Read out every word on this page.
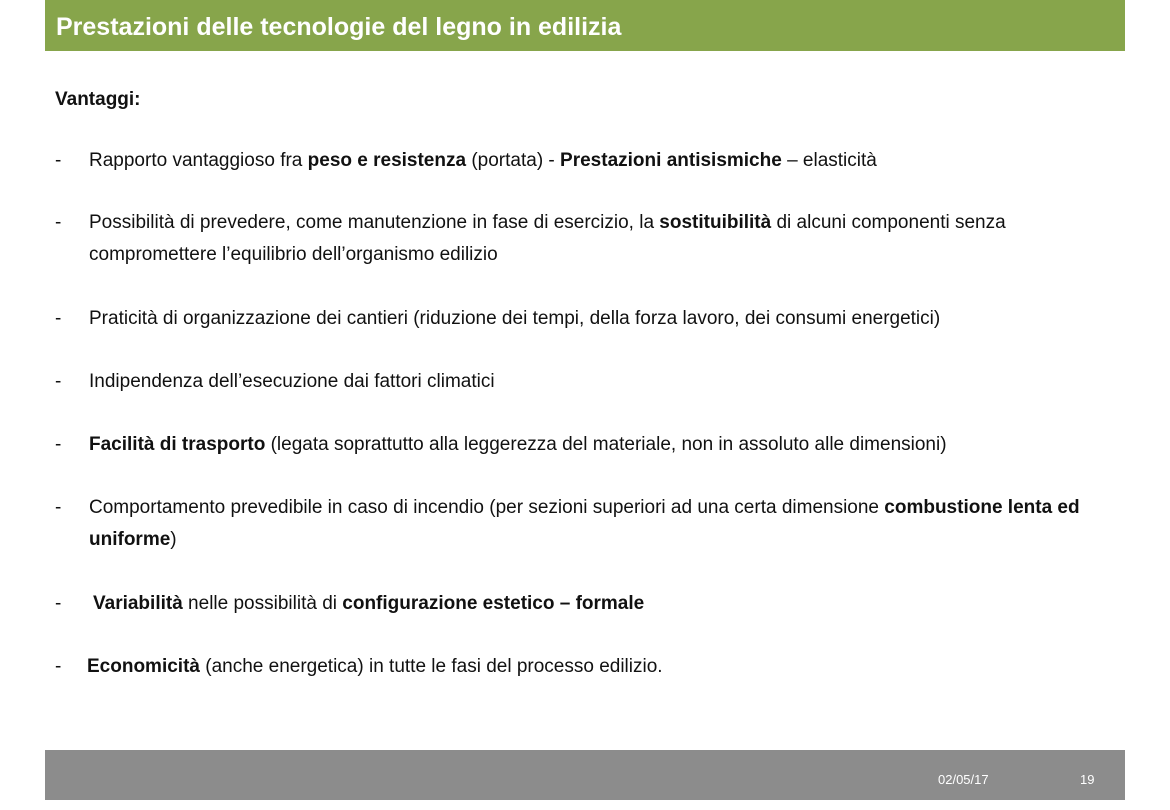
Prestazioni delle tecnologie del legno in edilizia
Vantaggi:
- Rapporto vantaggioso fra peso e resistenza (portata) - Prestazioni antisismiche – elasticità
- Possibilità di prevedere, come manutenzione in fase di esercizio, la sostituibilità di alcuni componenti senza compromettere l’equilibrio dell’organismo edilizio
- Praticità di organizzazione dei cantieri (riduzione dei tempi, della forza lavoro, dei consumi energetici)
- Indipendenza dell’esecuzione dai fattori climatici
- Facilità di trasporto (legata soprattutto alla leggerezza del materiale, non in assoluto alle dimensioni)
- Comportamento prevedibile in caso di incendio (per sezioni superiori ad una certa dimensione combustione lenta ed uniforme)
- Variabilità nelle possibilità di configurazione estetico – formale
- Economicità (anche energetica) in tutte le fasi del processo edilizio.
02/05/17	19
